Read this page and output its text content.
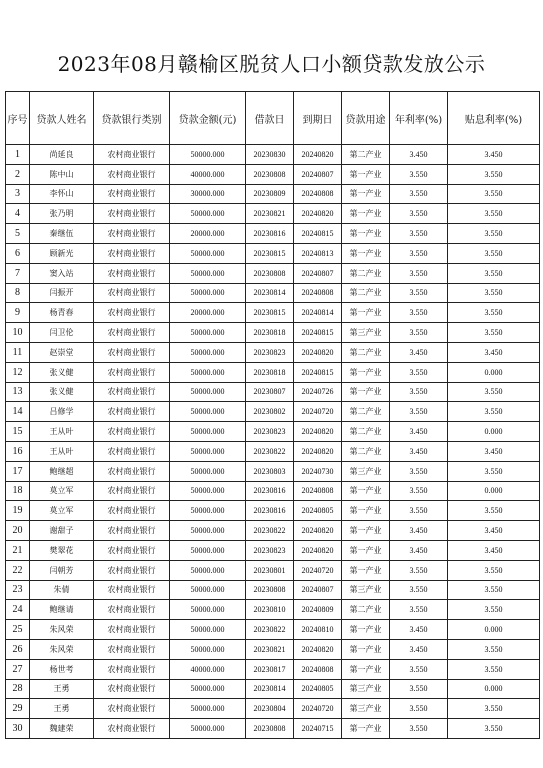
2023年08月赣榆区脱贫人口小额贷款发放公示
序号	贷款人姓名	贷款银行类别	贷款金额(元)	借款日	到期日	贷款用途	年利率(%)	贴息利率(%)
1	尚延良	农村商业银行	50000.000	20230830	20240820	第二产业	3.450	3.450
2	陈中山	农村商业银行	40000.000	20230808	20240807	第一产业	3.550	3.550
3	李怀山	农村商业银行	30000.000	20230809	20240808	第一产业	3.550	3.550
4	张乃明	农村商业银行	50000.000	20230821	20240820	第一产业	3.550	3.550
5	秦继伍	农村商业银行	20000.000	20230816	20240815	第一产业	3.550	3.550
6	顾新光	农村商业银行	50000.000	20230815	20240813	第一产业	3.550	3.550
7	窦入站	农村商业银行	50000.000	20230808	20240807	第二产业	3.550	3.550
8	闫振开	农村商业银行	50000.000	20230814	20240808	第二产业	3.550	3.550
9	杨青春	农村商业银行	20000.000	20230815	20240814	第一产业	3.550	3.550
10	闫卫伦	农村商业银行	50000.000	20230818	20240815	第三产业	3.550	3.550
11	赵崇堂	农村商业银行	50000.000	20230823	20240820	第二产业	3.450	3.450
12	张义健	农村商业银行	50000.000	20230818	20240815	第一产业	3.550	0.000
13	张义健	农村商业银行	50000.000	20230807	20240726	第一产业	3.550	3.550
14	吕修学	农村商业银行	50000.000	20230802	20240720	第二产业	3.550	3.550
15	王从叶	农村商业银行	50000.000	20230823	20240820	第二产业	3.450	0.000
16	王从叶	农村商业银行	50000.000	20230822	20240820	第二产业	3.450	3.450
17	鲍继超	农村商业银行	50000.000	20230803	20240730	第三产业	3.550	3.550
18	莫立军	农村商业银行	50000.000	20230816	20240808	第一产业	3.550	0.000
19	莫立军	农村商业银行	50000.000	20230816	20240805	第一产业	3.550	3.550
20	谢甜子	农村商业银行	50000.000	20230822	20240820	第一产业	3.450	3.450
21	樊翠花	农村商业银行	50000.000	20230823	20240820	第一产业	3.450	3.450
22	闫朝芳	农村商业银行	50000.000	20230801	20240720	第一产业	3.550	3.550
23	朱倩	农村商业银行	50000.000	20230808	20240807	第三产业	3.550	3.550
24	鲍继请	农村商业银行	50000.000	20230810	20240809	第二产业	3.550	3.550
25	朱风荣	农村商业银行	50000.000	20230822	20240810	第一产业	3.450	0.000
26	朱风荣	农村商业银行	50000.000	20230821	20240820	第一产业	3.450	3.550
27	杨世考	农村商业银行	40000.000	20230817	20240808	第一产业	3.550	3.550
28	王勇	农村商业银行	50000.000	20230814	20240805	第三产业	3.550	0.000
29	王勇	农村商业银行	50000.000	20230804	20240720	第三产业	3.550	3.550
30	魏建荣	农村商业银行	50000.000	20230808	20240715	第一产业	3.550	3.550
